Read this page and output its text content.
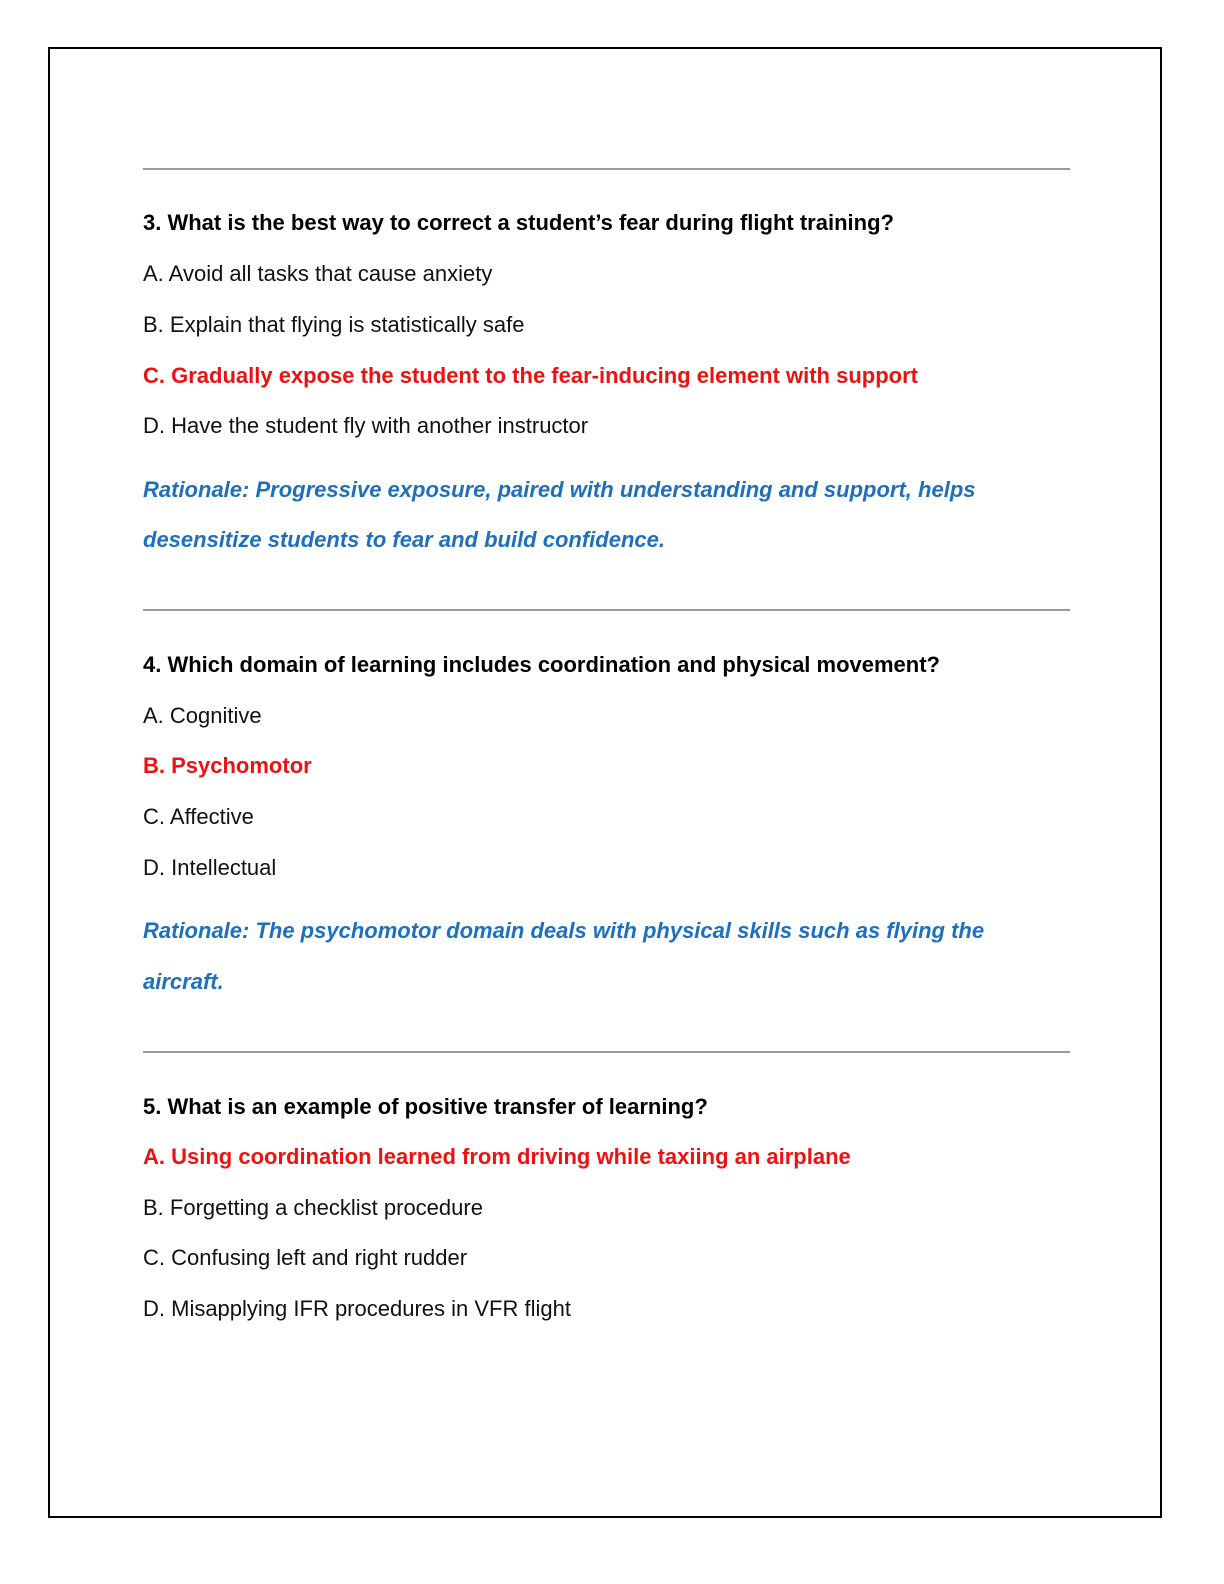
3. What is the best way to correct a student’s fear during flight training?
A. Avoid all tasks that cause anxiety
B. Explain that flying is statistically safe
C. Gradually expose the student to the fear-inducing element with support
D. Have the student fly with another instructor
Rationale: Progressive exposure, paired with understanding and support, helps
desensitize students to fear and build confidence.
4. Which domain of learning includes coordination and physical movement?
A. Cognitive
B. Psychomotor
C. Affective
D. Intellectual
Rationale: The psychomotor domain deals with physical skills such as flying the
aircraft.
5. What is an example of positive transfer of learning?
A. Using coordination learned from driving while taxiing an airplane
B. Forgetting a checklist procedure
C. Confusing left and right rudder
D. Misapplying IFR procedures in VFR flight
